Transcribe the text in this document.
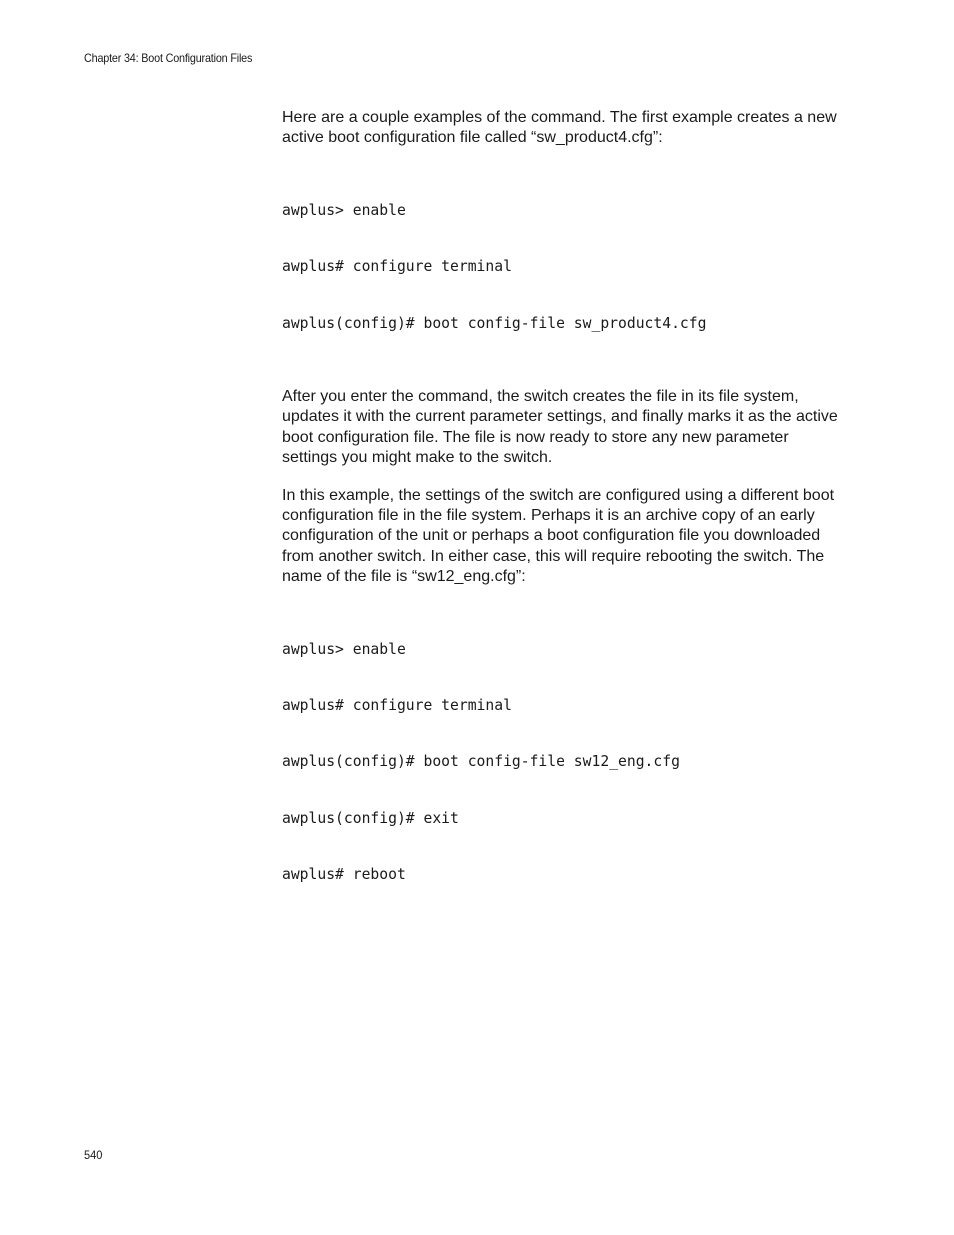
Chapter 34: Boot Configuration Files

Here are a couple examples of the command. The first example creates a new active boot configuration file called “sw_product4.cfg”:

awplus> enable

awplus# configure terminal

awplus(config)# boot config-file sw_product4.cfg

After you enter the command, the switch creates the file in its file system, updates it with the current parameter settings, and finally marks it as the active boot configuration file. The file is now ready to store any new parameter settings you might make to the switch.

In this example, the settings of the switch are configured using a different boot configuration file in the file system. Perhaps it is an archive copy of an early configuration of the unit or perhaps a boot configuration file you downloaded from another switch. In either case, this will require rebooting the switch. The name of the file is “sw12_eng.cfg”:

awplus> enable

awplus# configure terminal

awplus(config)# boot config-file sw12_eng.cfg

awplus(config)# exit

awplus# reboot

540
